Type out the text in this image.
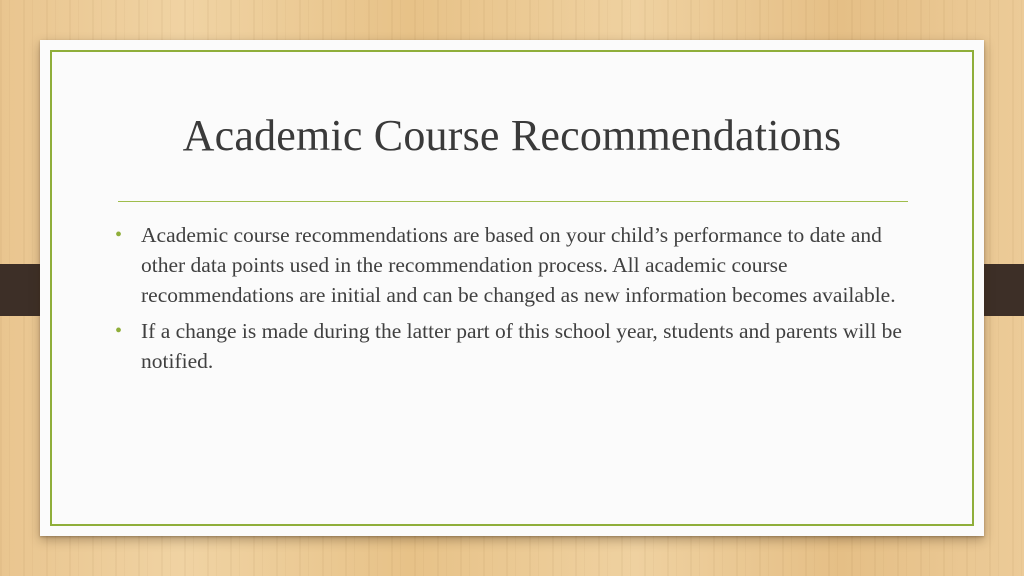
Academic Course Recommendations
• Academic course recommendations are based on your child’s performance to date and other data points used in the recommendation process. All academic course recommendations are initial and can be changed as new information becomes available.
• If a change is made during the latter part of this school year, students and parents will be notified.
